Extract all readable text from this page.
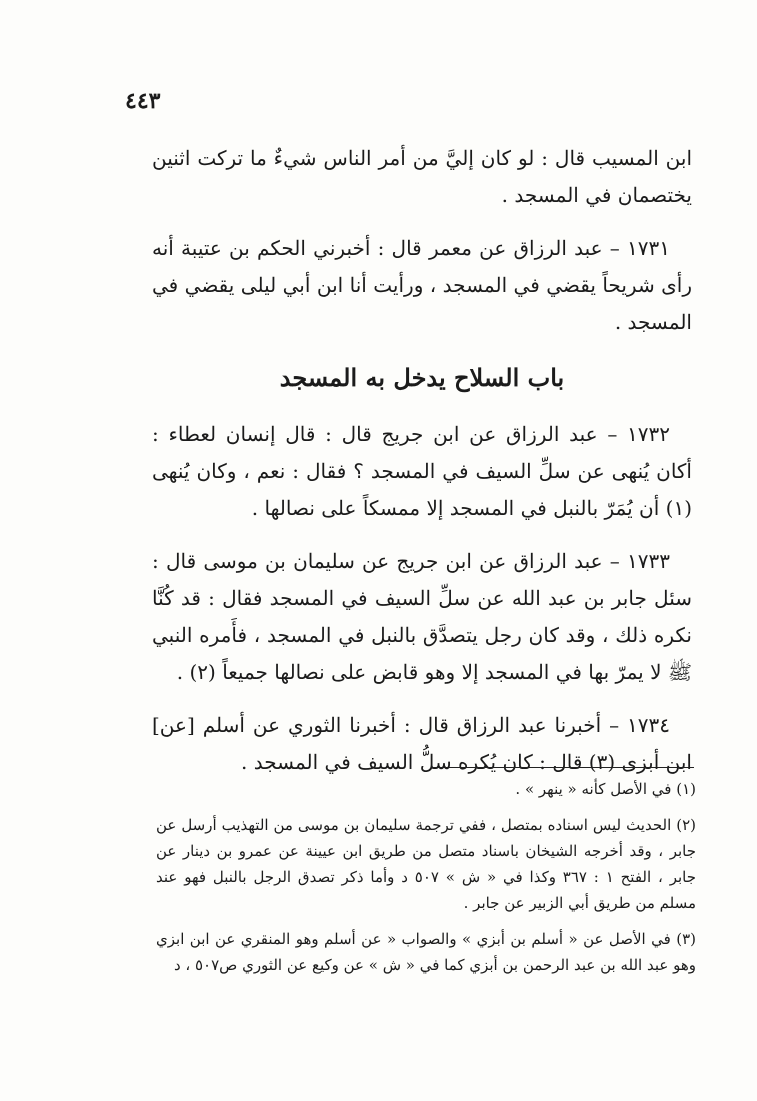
٤٤٣

ابن المسيب قال : لو كان إليَّ من أمر الناس شيءٌ ما تركت اثنين يختصمان في المسجد .

١٧٣١ – عبد الرزاق عن معمر قال : أخبرني الحكم بن عتيبة أنه رأى شريحاً يقضي في المسجد ، ورأيت أنا ابن أبي ليلى يقضي في المسجد .

باب السلاح يدخل به المسجد

١٧٣٢ – عبد الرزاق عن ابن جريج قال : قال إنسان لعطاء : أكان يُنهى عن سلِّ السيف في المسجد ؟ فقال : نعم ، وكان يُنهى (١) أن يُمَرّ بالنبل في المسجد إلا ممسكاً على نصالها .

١٧٣٣ – عبد الرزاق عن ابن جريج عن سليمان بن موسى قال : سئل جابر بن عبد الله عن سلِّ السيف في المسجد فقال : قد كُنَّا نكره ذلك ، وقد كان رجل يتصدَّق بالنبل في المسجد ، فأَمره النبي ﷺ لا يمرّ بها في المسجد إلا وهو قابض على نصالها جميعاً (٢) .

١٧٣٤ – أخبرنا عبد الرزاق قال : أخبرنا الثوري عن أسلم [عن] ابن أبزى (٣) قال : كان يُكره سلُّ السيف في المسجد .

(١) في الأصل كأنه « ينهر » .

(٢) الحديث ليس اسناده بمتصل ، ففي ترجمة سليمان بن موسى من التهذيب أرسل عن جابر ، وقد أخرجه الشيخان باسناد متصل من طريق ابن عيينة عن عمرو بن دينار عن جابر ، الفتح ١ : ٣٦٧ وكذا في « ش » ٥٠٧ د وأما ذكر تصدق الرجل بالنبل فهو عند مسلم من طريق أبي الزبير عن جابر .

(٣) في الأصل عن « أسلم بن أبزي » والصواب « عن أسلم وهو المنقري عن ابن ابزي وهو عبد الله بن عبد الرحمن بن أبزي كما في « ش » عن وكيع عن الثوري ص٥٠٧ ، د
